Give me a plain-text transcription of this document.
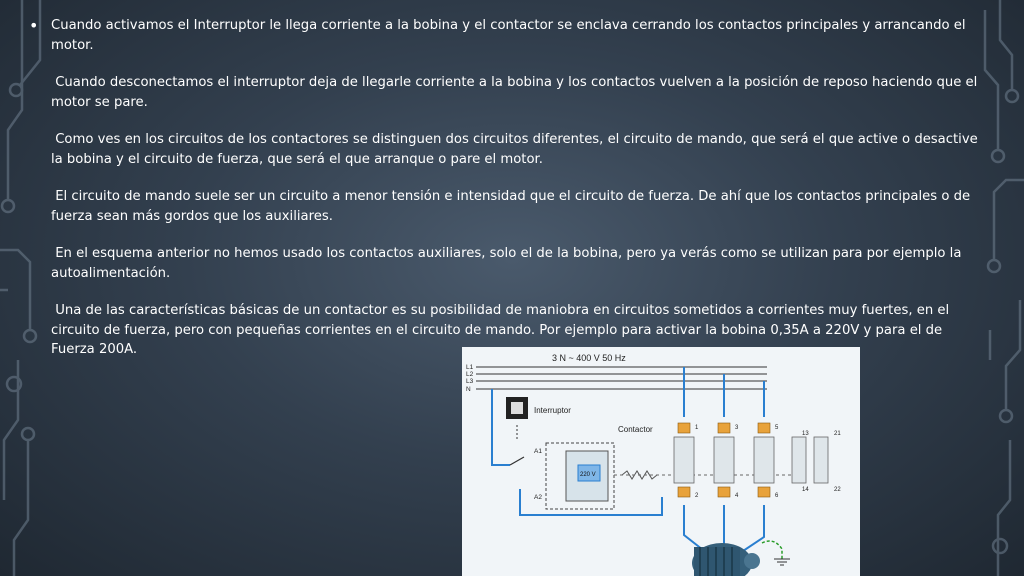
• Cuando activamos el Interruptor le llega corriente a la bobina y el contactor se enclava cerrando los contactos principales y arrancando el motor.

Cuando desconectamos el interruptor deja de llegarle corriente a la bobina y los contactos vuelven a la posición de reposo haciendo que el motor se pare.

Como ves en los circuitos de los contactores se distinguen dos circuitos diferentes, el circuito de mando, que será el que active o desactive la bobina y el circuito de fuerza, que será el que arranque o pare el motor.

El circuito de mando suele ser un circuito a menor tensión e intensidad que el circuito de fuerza. De ahí que los contactos principales o de fuerza sean más gordos que los auxiliares.

En el esquema anterior no hemos usado los contactos auxiliares, solo el de la bobina, pero ya verás como se utilizan para por ejemplo la autoalimentación.

Una de las características básicas de un contactor es su posibilidad de maniobra en circuitos sometidos a corrientes muy fuertes, en el circuito de fuerza, pero con pequeñas corrientes en el circuito de mando. Por ejemplo para activar la bobina 0,35A a 220V y para el de Fuerza 200A.

3 N ~ 400 V 50 Hz
L1
L2
L3
N
Interruptor
A1
A2
220 V
Contactor	1	3	5
2	4	6
13	21
14	22
